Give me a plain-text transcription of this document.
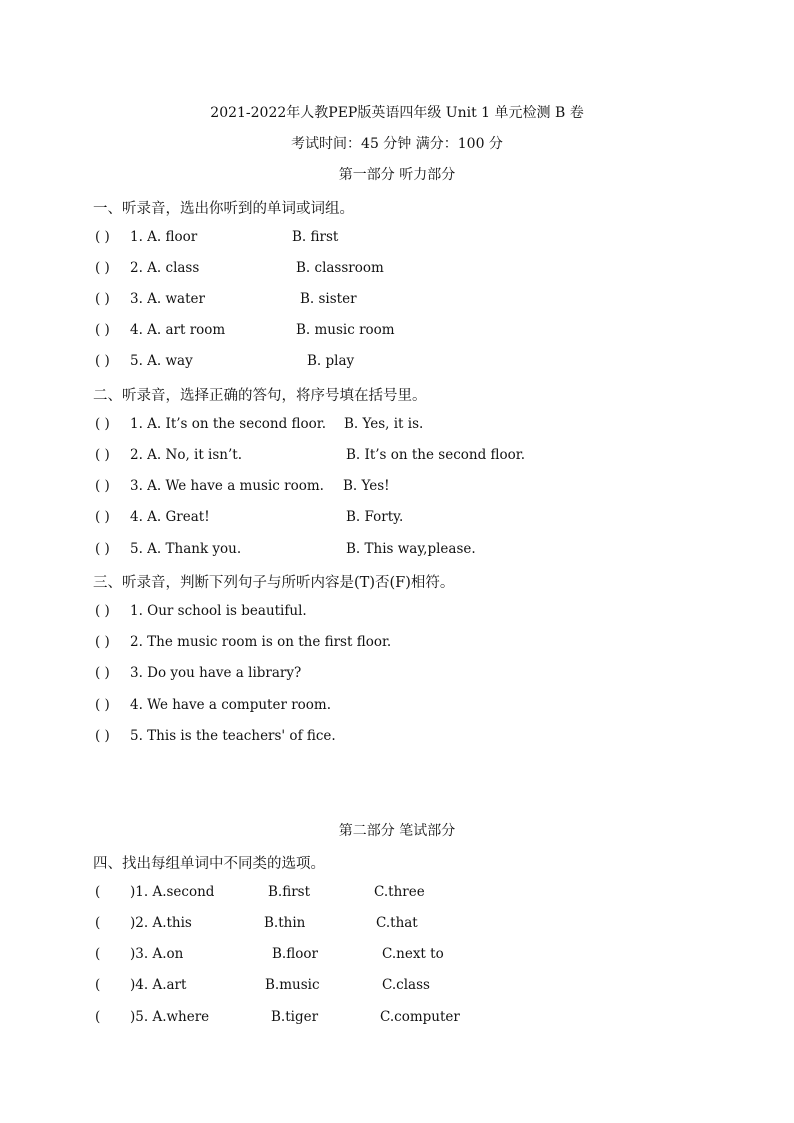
2021-2022年人教PEP版英语四年级 Unit 1 单元检测 B 卷
考试时间：45 分钟 满分：100 分
第一部分 听力部分
一、听录音，选出你听到的单词或词组。
( ) 1. A. floor	B. first
( ) 2. A. class	B. classroom
( ) 3. A. water	B. sister
( ) 4. A. art room	B. music room
( ) 5. A. way	B. play
二、听录音，选择正确的答句，将序号填在括号里。
( ) 1. A. It’s on the second floor. B. Yes, it is.
( ) 2. A. No, it isn’t.	B. It’s on the second floor.
( ) 3. A. We have a music room. B. Yes!
( ) 4. A. Great!	B. Forty.
( ) 5. A. Thank you.	B. This way,please.
三、听录音，判断下列句子与所听内容是(T)否(F)相符。
( ) 1. Our school is beautiful.
( ) 2. The music room is on the first floor.
( ) 3. Do you have a library?
( ) 4. We have a computer room.
( ) 5. This is the teachers' of fice.
第二部分 笔试部分
四、找出每组单词中不同类的选项。
( )1. A.second	B.first	C.three
( )2. A.this	B.thin	C.that
( )3. A.on	B.floor	C.next to
( )4. A.art	B.music	C.class
( )5. A.where	B.tiger	C.computer
